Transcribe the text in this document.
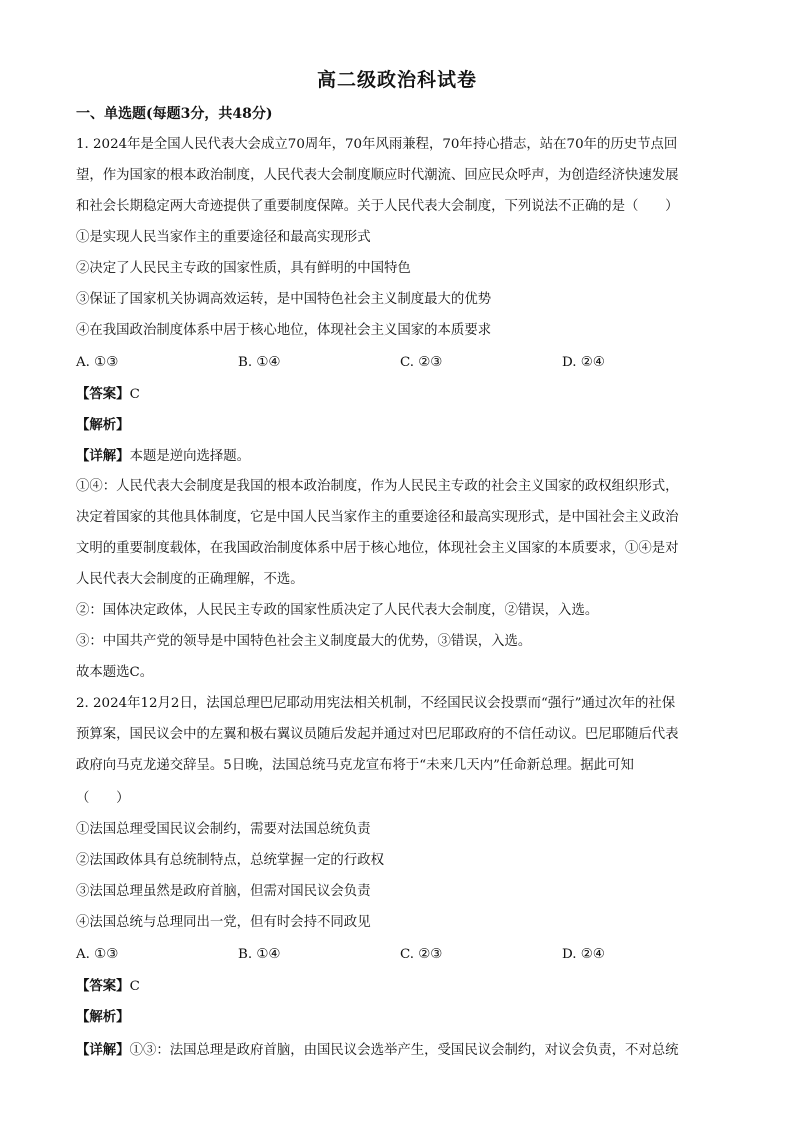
高二级政治科试卷
一、单选题(每题3分，共48分)
1. 2024年是全国人民代表大会成立70周年，70年风雨兼程，70年持心措志，站在70年的历史节点回
望，作为国家的根本政治制度，人民代表大会制度顺应时代潮流、回应民众呼声，为创造经济快速发展
和社会长期稳定两大奇迹提供了重要制度保障。关于人民代表大会制度，下列说法不正确的是（　　）
①是实现人民当家作主的重要途径和最高实现形式
②决定了人民民主专政的国家性质，具有鲜明的中国特色
③保证了国家机关协调高效运转，是中国特色社会主义制度最大的优势
④在我国政治制度体系中居于核心地位，体现社会主义国家的本质要求
A. ①③	B. ①④	C. ②③	D. ②④
【答案】C
【解析】
【详解】本题是逆向选择题。
①④：人民代表大会制度是我国的根本政治制度，作为人民民主专政的社会主义国家的政权组织形式，
决定着国家的其他具体制度，它是中国人民当家作主的重要途径和最高实现形式，是中国社会主义政治
文明的重要制度载体，在我国政治制度体系中居于核心地位，体现社会主义国家的本质要求，①④是对
人民代表大会制度的正确理解，不选。
②：国体决定政体，人民民主专政的国家性质决定了人民代表大会制度，②错误，入选。
③：中国共产党的领导是中国特色社会主义制度最大的优势，③错误，入选。
故本题选C。
2. 2024年12月2日，法国总理巴尼耶动用宪法相关机制，不经国民议会投票而“强行”通过次年的社保
预算案，国民议会中的左翼和极右翼议员随后发起并通过对巴尼耶政府的不信任动议。巴尼耶随后代表
政府向马克龙递交辞呈。5日晚，法国总统马克龙宣布将于“未来几天内”任命新总理。据此可知
（　　）
①法国总理受国民议会制约，需要对法国总统负责
②法国政体具有总统制特点，总统掌握一定的行政权
③法国总理虽然是政府首脑，但需对国民议会负责
④法国总统与总理同出一党，但有时会持不同政见
A. ①③	B. ①④	C. ②③	D. ②④
【答案】C
【解析】
【详解】①③：法国总理是政府首脑，由国民议会选举产生，受国民议会制约，对议会负责，不对总统
